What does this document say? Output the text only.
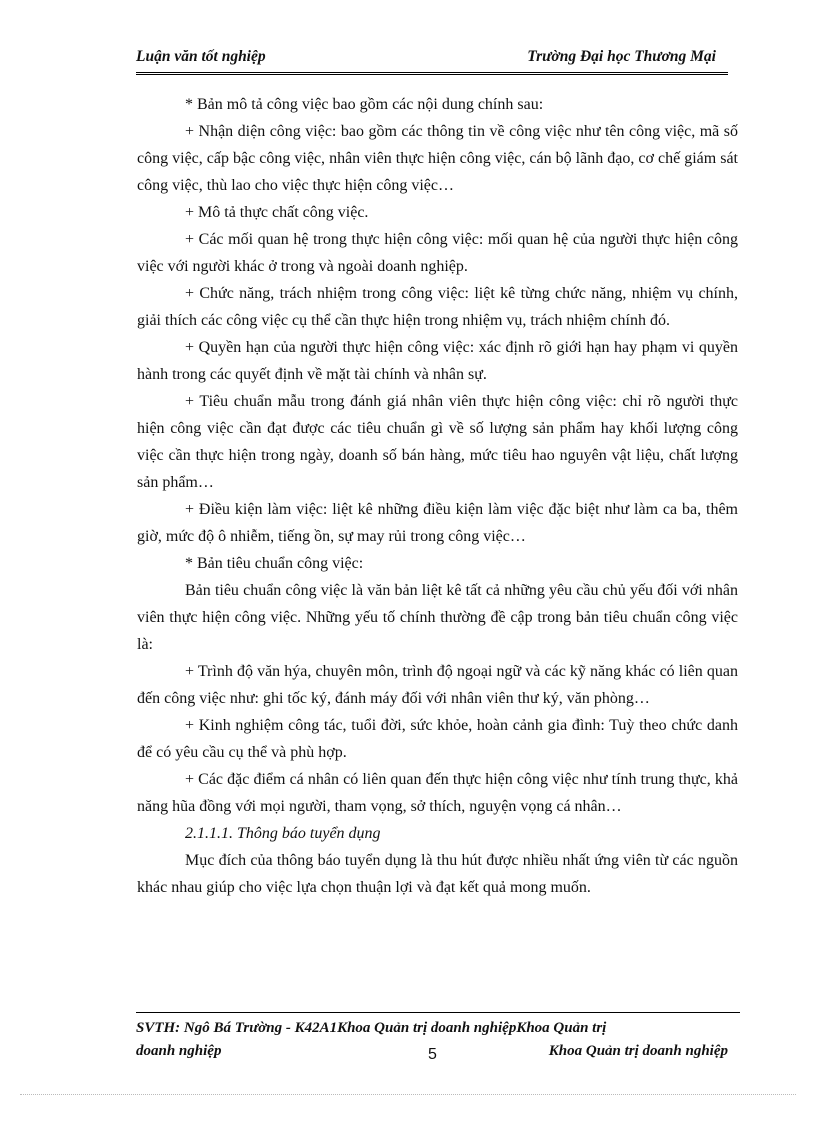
Luận văn tốt nghiệp	Trường Đại học Thương Mại

* Bản mô tả công việc bao gồm các nội dung chính sau:

+ Nhận diện công việc: bao gồm các thông tin về công việc như tên công việc, mã số công việc, cấp bậc công việc, nhân viên thực hiện công việc, cán bộ lãnh đạo, cơ chế giám sát công việc, thù lao cho việc thực hiện công việc…

+ Mô tả thực chất công việc.

+ Các mối quan hệ trong thực hiện công việc: mối quan hệ của người thực hiện công việc với người khác ở trong và ngoài doanh nghiệp.

+ Chức năng, trách nhiệm trong công việc: liệt kê từng chức năng, nhiệm vụ chính, giải thích các công việc cụ thể cần thực hiện trong nhiệm vụ, trách nhiệm chính đó.

+ Quyền hạn của người thực hiện công việc: xác định rõ giới hạn hay phạm vi quyền hành trong các quyết định về mặt tài chính và nhân sự.

+ Tiêu chuẩn mẫu trong đánh giá nhân viên thực hiện công việc: chỉ rõ người thực hiện công việc cần đạt được các tiêu chuẩn gì về số lượng sản phẩm hay khối lượng công việc cần thực hiện trong ngày, doanh số bán hàng, mức tiêu hao nguyên vật liệu, chất lượng sản phẩm…

+ Điều kiện làm việc: liệt kê những điều kiện làm việc đặc biệt như làm ca ba, thêm giờ, mức độ ô nhiễm, tiếng ồn, sự may rủi trong công việc…

* Bản tiêu chuẩn công việc:

Bản tiêu chuẩn công việc là văn bản liệt kê tất cả những yêu cầu chủ yếu đối với nhân viên thực hiện công việc. Những yếu tố chính thường đề cập trong bản tiêu chuẩn công việc là:

+ Trình độ văn hýa, chuyên môn, trình độ ngoại ngữ và các kỹ năng khác có liên quan đến công việc như: ghi tốc ký, đánh máy đối với nhân viên thư ký, văn phòng…

+ Kinh nghiệm công tác, tuổi đời, sức khỏe, hoàn cảnh gia đình: Tuỳ theo chức danh để có yêu cầu cụ thể và phù hợp.

+ Các đặc điểm cá nhân có liên quan đến thực hiện công việc như tính trung thực, khả năng hũa đồng với mọi người, tham vọng, sở thích, nguyện vọng cá nhân…

2.1.1.1. Thông báo tuyển dụng

Mục đích của thông báo tuyển dụng là thu hút được nhiều nhất ứng viên từ các nguồn khác nhau giúp cho việc lựa chọn thuận lợi và đạt kết quả mong muốn.

SVTH: Ngô Bá Trường - K42A1Khoa Quản trị doanh nghiệpKhoa Quản trị
doanh nghiệp	5	Khoa Quản trị doanh nghiệp
